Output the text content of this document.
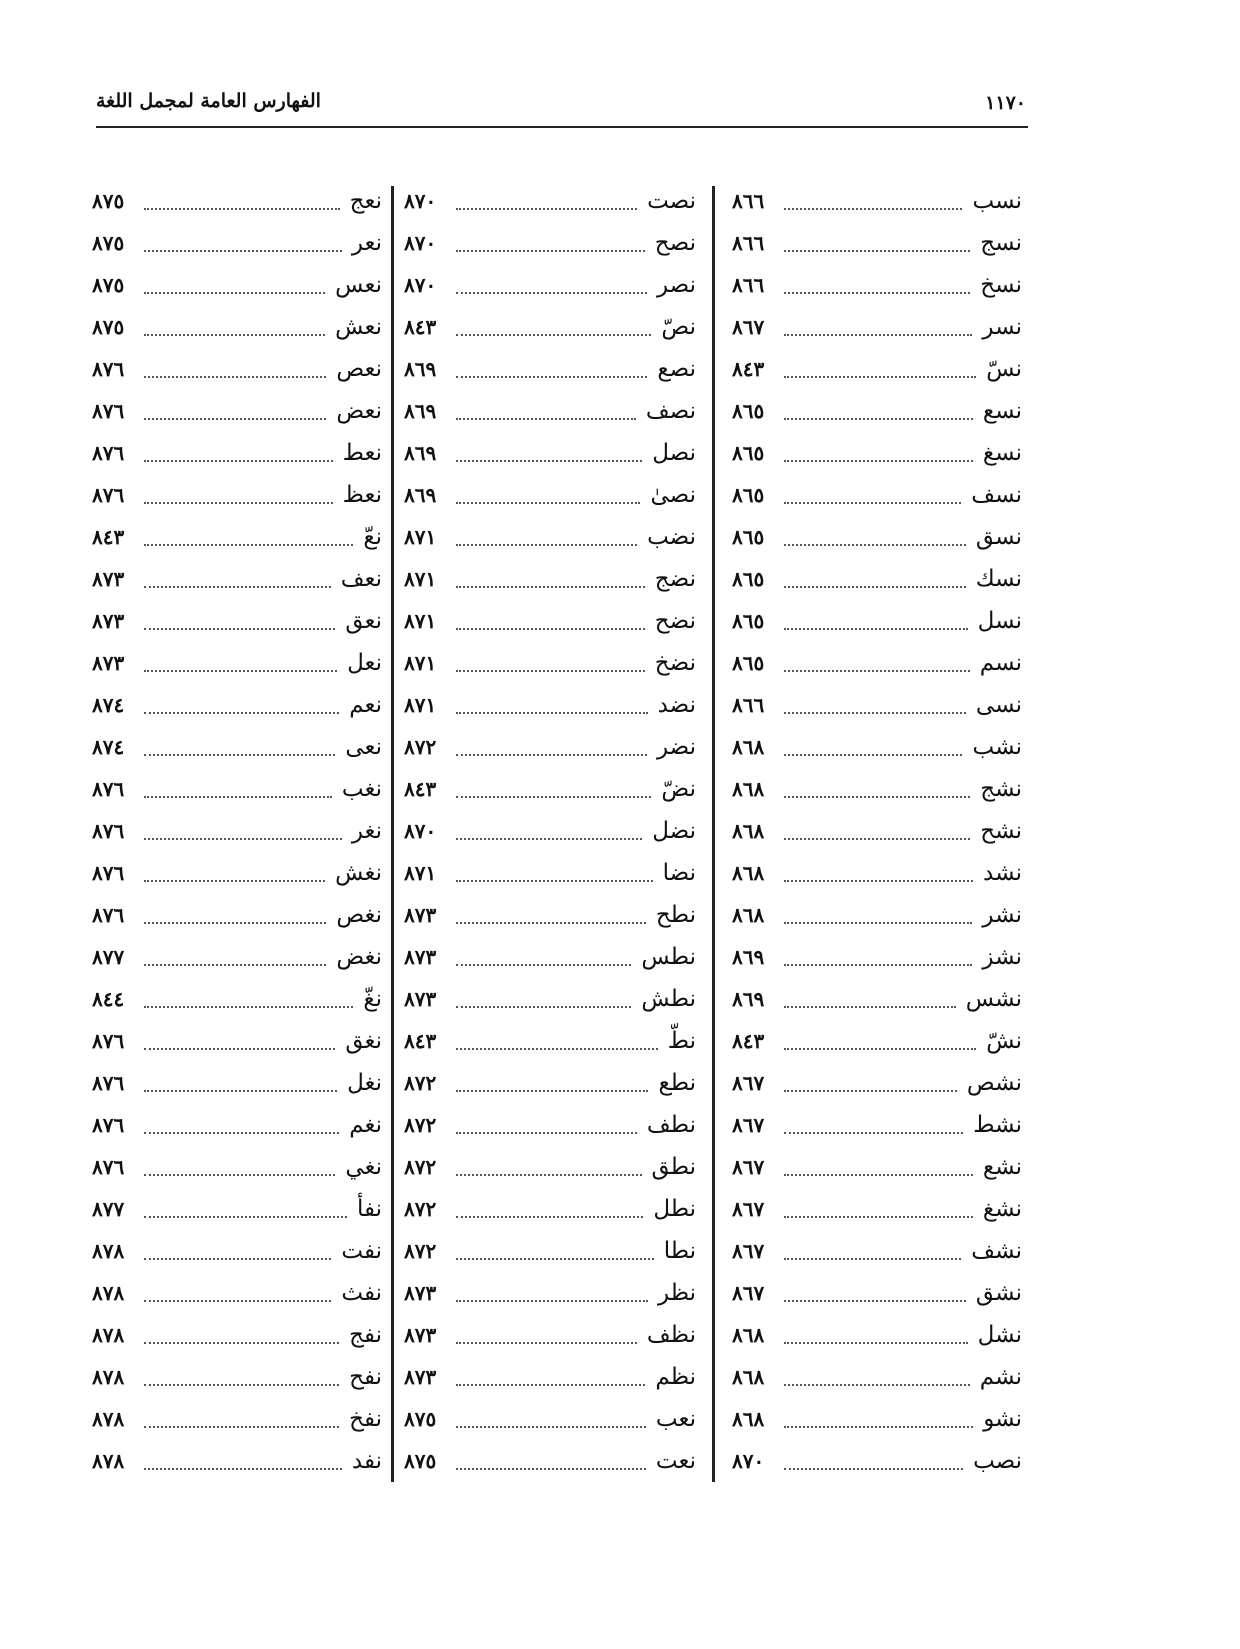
الفهارس العامة لمجمل اللغة	١١٧٠
نسب
٨٦٦
نسج
٨٦٦
نسخ
٨٦٦
نسر
٨٦٧
نسّ
٨٤٣
نسع
٨٦٥
نسغ
٨٦٥
نسف
٨٦٥
نسق
٨٦٥
نسك
٨٦٥
نسل
٨٦٥
نسم
٨٦٥
نسى
٨٦٦
نشب
٨٦٨
نشج
٨٦٨
نشح
٨٦٨
نشد
٨٦٨
نشر
٨٦٨
نشز
٨٦٩
نشس
٨٦٩
نشّ
٨٤٣
نشص
٨٦٧
نشط
٨٦٧
نشع
٨٦٧
نشغ
٨٦٧
نشف
٨٦٧
نشق
٨٦٧
نشل
٨٦٨
نشم
٨٦٨
نشو
٨٦٨
نصب
٨٧٠
نصت
٨٧٠
نصح
٨٧٠
نصر
٨٧٠
نصّ
٨٤٣
نصع
٨٦٩
نصف
٨٦٩
نصل
٨٦٩
نصىٰ
٨٦٩
نضب
٨٧١
نضج
٨٧١
نضح
٨٧١
نضخ
٨٧١
نضد
٨٧١
نضر
٨٧٢
نضّ
٨٤٣
نضل
٨٧٠
نضا
٨٧١
نطح
٨٧٣
نطس
٨٧٣
نطش
٨٧٣
نطّ
٨٤٣
نطع
٨٧٢
نطف
٨٧٢
نطق
٨٧٢
نطل
٨٧٢
نطا
٨٧٢
نظر
٨٧٣
نظف
٨٧٣
نظم
٨٧٣
نعب
٨٧٥
نعت
٨٧٥
نعج
٨٧٥
نعر
٨٧٥
نعس
٨٧٥
نعش
٨٧٥
نعص
٨٧٦
نعض
٨٧٦
نعط
٨٧٦
نعظ
٨٧٦
نعّ
٨٤٣
نعف
٨٧٣
نعق
٨٧٣
نعل
٨٧٣
نعم
٨٧٤
نعى
٨٧٤
نغب
٨٧٦
نغر
٨٧٦
نغش
٨٧٦
نغص
٨٧٦
نغض
٨٧٧
نغّ
٨٤٤
نغق
٨٧٦
نغل
٨٧٦
نغم
٨٧٦
نغي
٨٧٦
نفأ
٨٧٧
نفت
٨٧٨
نفث
٨٧٨
نفج
٨٧٨
نفح
٨٧٨
نفخ
٨٧٨
نفد
٨٧٨
